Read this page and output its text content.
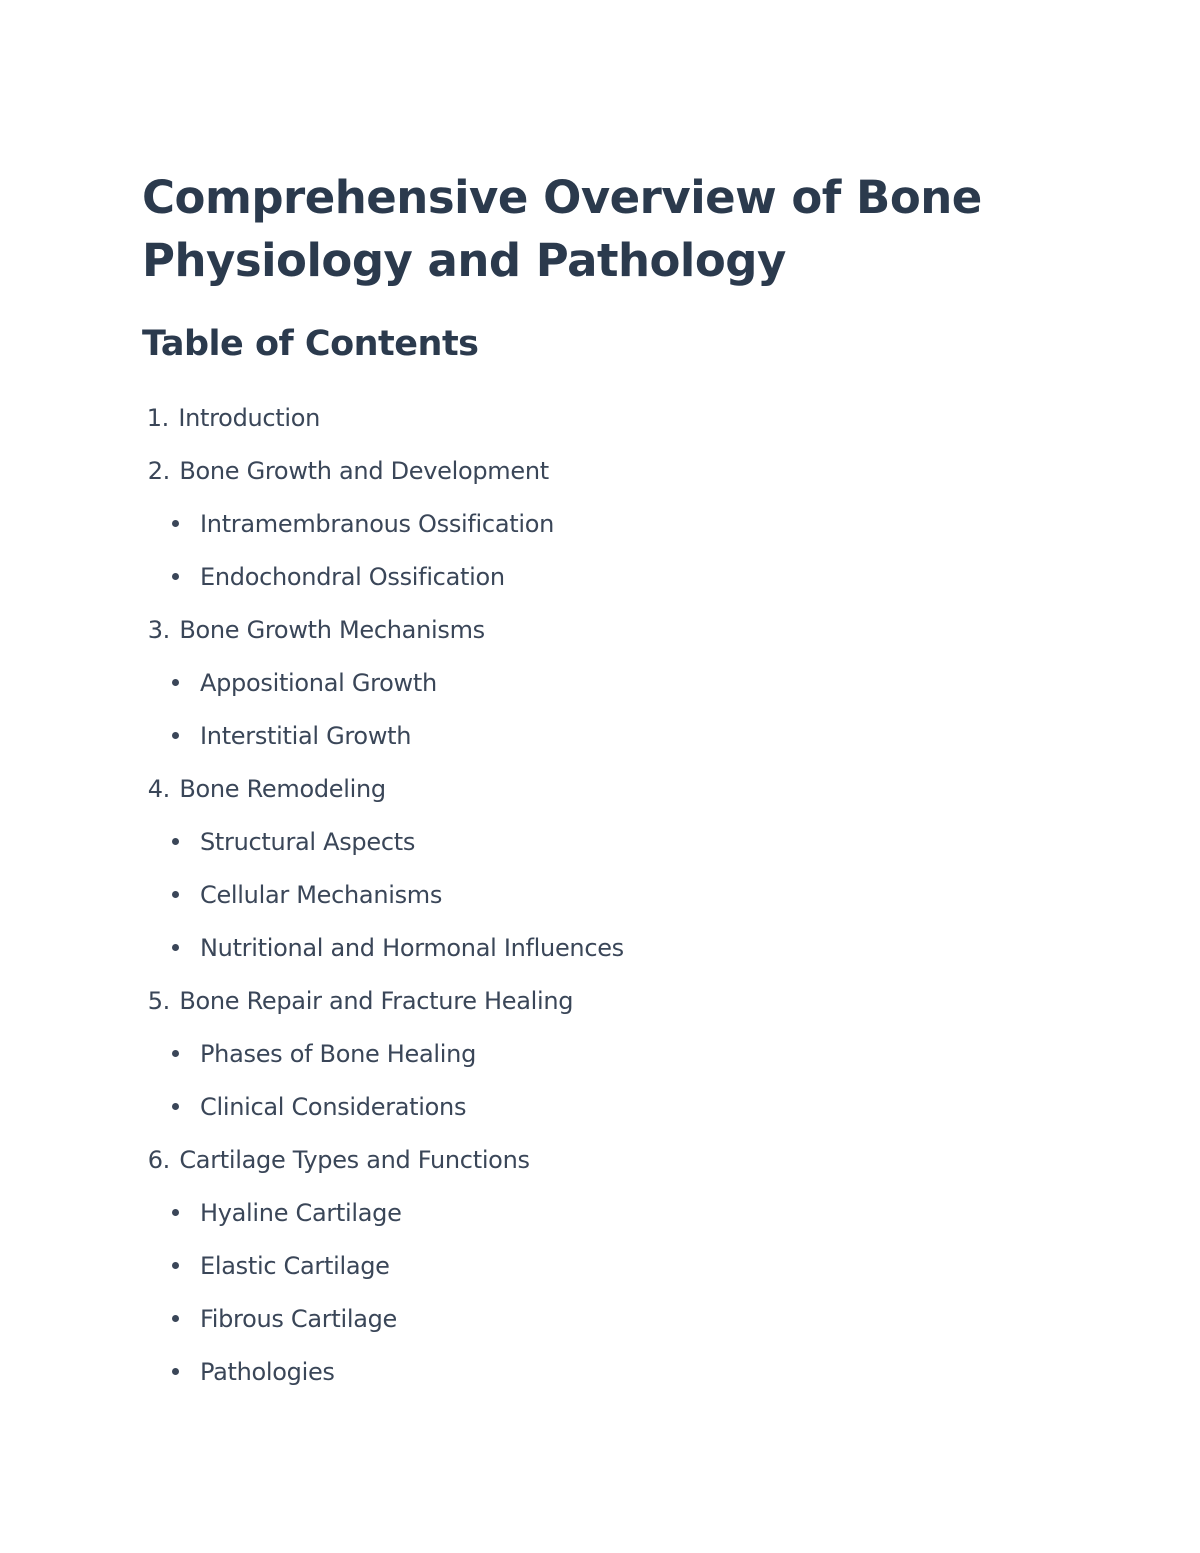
Comprehensive Overview of Bone
Physiology and Pathology
Table of Contents
1. Introduction
2. Bone Growth and Development
Intramembranous Ossification
Endochondral Ossification
3. Bone Growth Mechanisms
Appositional Growth
Interstitial Growth
4. Bone Remodeling
Structural Aspects
Cellular Mechanisms
Nutritional and Hormonal Influences
5. Bone Repair and Fracture Healing
Phases of Bone Healing
Clinical Considerations
6. Cartilage Types and Functions
Hyaline Cartilage
Elastic Cartilage
Fibrous Cartilage
Pathologies
